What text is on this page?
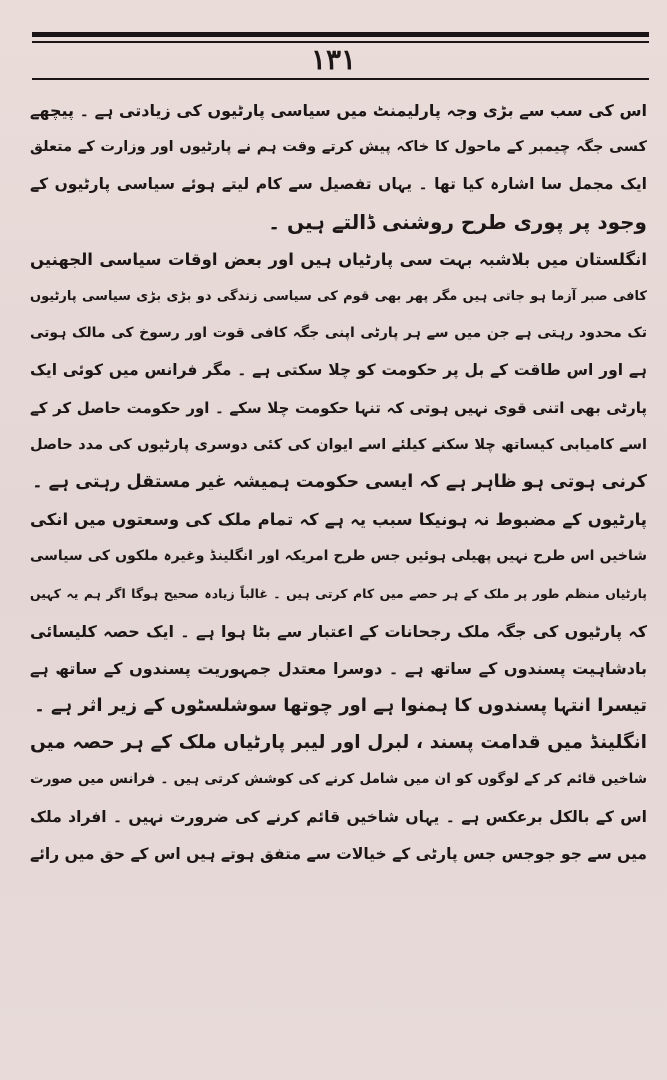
۱۳۱
اس کی سب سے بڑی وجہ پارلیمنٹ میں سیاسی پارٹیوں کی زیادتی ہے ۔ پیچھے
کسی جگہ چیمبر کے ماحول کا خاکہ پیش کرتے وقت ہم نے پارٹیوں اور وزارت کے متعلق
ایک مجمل سا اشارہ کیا تھا ۔ یہاں تفصیل سے کام لیتے ہوئے سیاسی پارٹیوں کے
وجود پر پوری طرح روشنی ڈالتے ہیں ۔
انگلستان میں بلاشبہ بہت سی پارٹیاں ہیں اور بعض اوقات سیاسی الجھنیں
کافی صبر آزما ہو جاتی ہیں مگر پھر بھی قوم کی سیاسی زندگی دو بڑی بڑی سیاسی پارٹیوں
تک محدود رہتی ہے جن میں سے ہر پارٹی اپنی جگہ کافی قوت اور رسوخ کی مالک ہوتی
ہے اور اس طاقت کے بل پر حکومت کو چلا سکتی ہے ۔ مگر فرانس میں کوئی ایک
پارٹی بھی اتنی قوی نہیں ہوتی کہ تنہا حکومت چلا سکے ۔ اور حکومت حاصل کر کے
اسے کامیابی کیساتھ چلا سکنے کیلئے اسے ایوان کی کئی دوسری پارٹیوں کی مدد حاصل
کرنی ہوتی ہو ظاہر ہے کہ ایسی حکومت ہمیشہ غیر مستقل رہتی ہے ۔
پارٹیوں کے مضبوط نہ ہونیکا سبب یہ ہے کہ تمام ملک کی وسعتوں میں انکی
شاخیں اس طرح نہیں پھیلی ہوئیں جس طرح امریکہ اور انگلینڈ وغیرہ ملکوں کی سیاسی
پارٹیاں منظم طور پر ملک کے ہر حصے میں کام کرتی ہیں ۔ غالباً زیادہ صحیح ہوگا اگر ہم یہ کہیں
کہ پارٹیوں کی جگہ ملک رجحانات کے اعتبار سے بٹا ہوا ہے ۔ ایک حصہ کلیسائی
بادشاہیت پسندوں کے ساتھ ہے ۔ دوسرا معتدل جمہوریت پسندوں کے ساتھ ہے
تیسرا انتہا پسندوں کا ہمنوا ہے اور چوتھا سوشلسٹوں کے زیر اثر ہے ۔
انگلینڈ میں قدامت پسند ، لبرل اور لیبر پارٹیاں ملک کے ہر حصہ میں
شاخیں قائم کر کے لوگوں کو ان میں شامل کرنے کی کوشش کرتی ہیں ۔ فرانس میں صورت
اس کے بالکل برعکس ہے ۔ یہاں شاخیں قائم کرنے کی ضرورت نہیں ۔ افراد ملک
میں سے جو جوجس جس پارٹی کے خیالات سے متفق ہوتے ہیں اس کے حق میں رائے
